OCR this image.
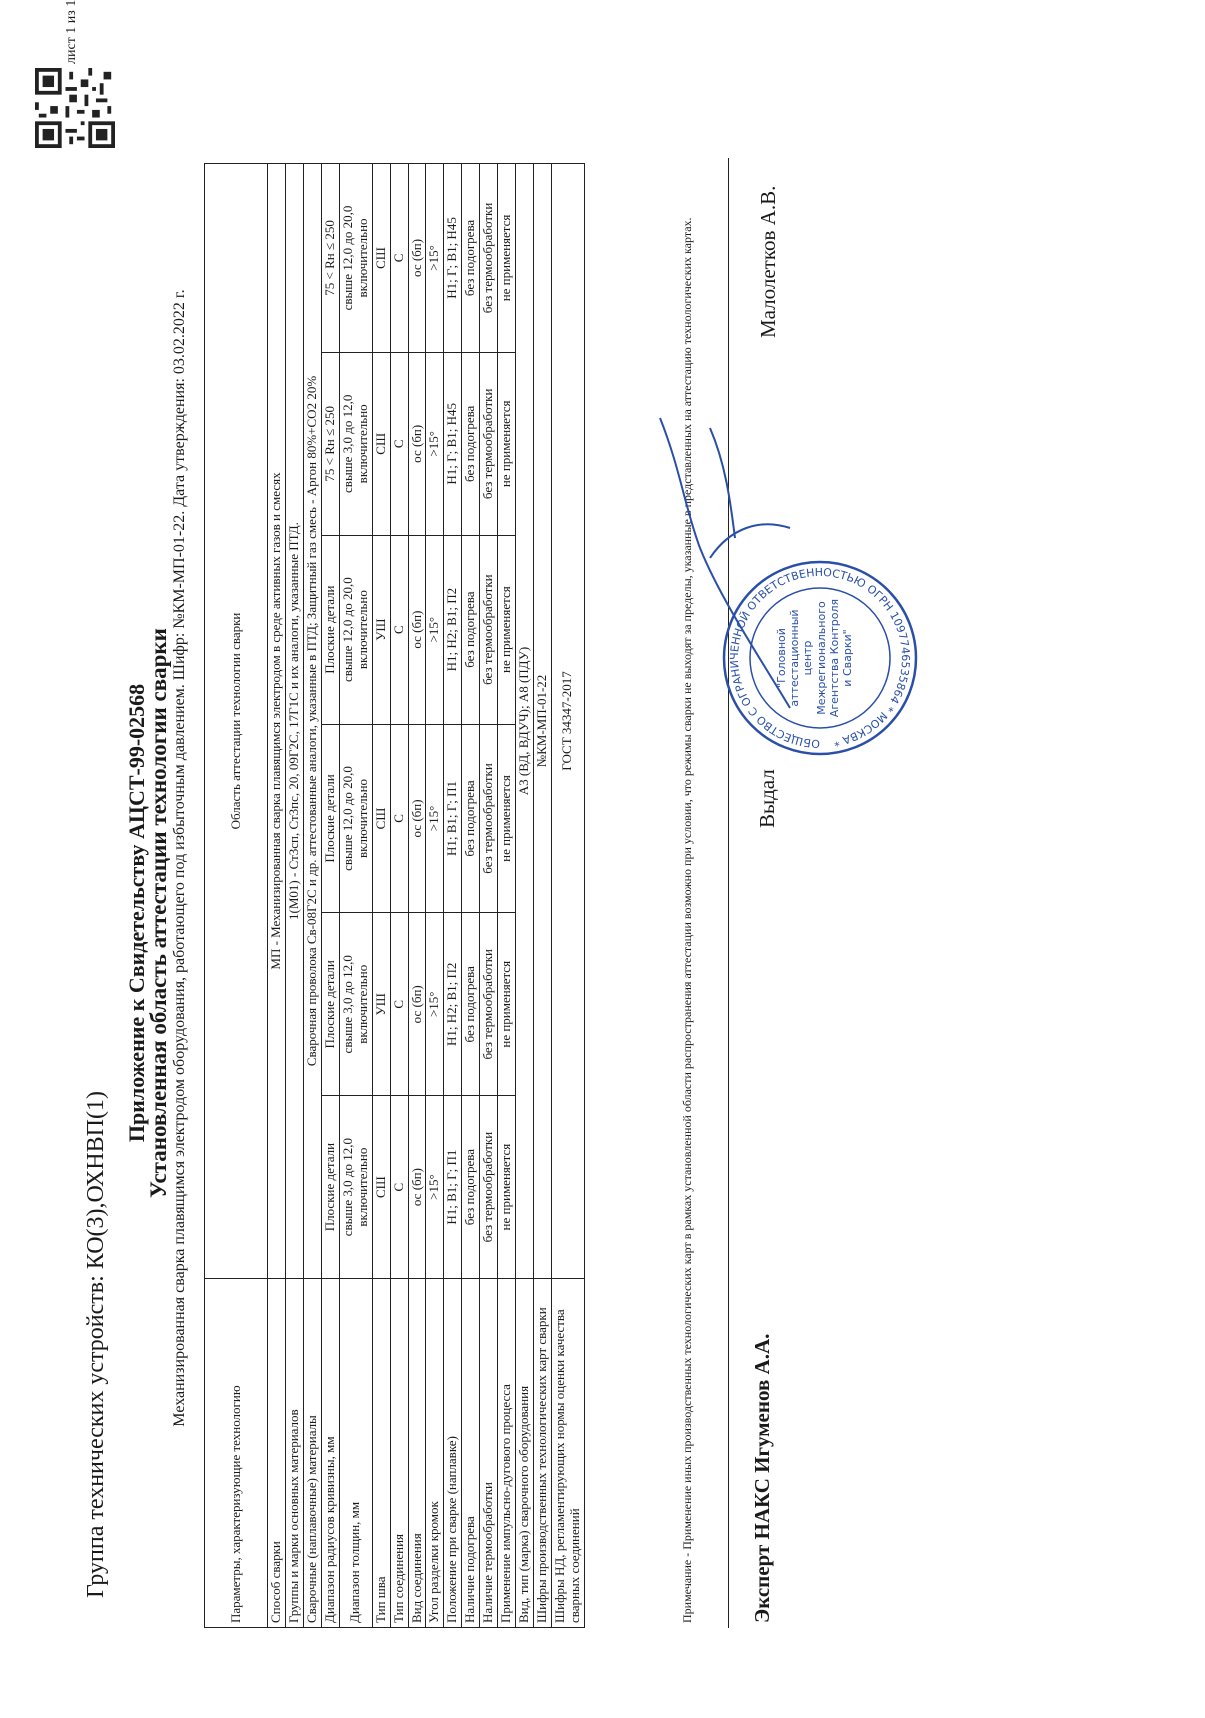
Группа технических устройств: КО(3),ОХНВП(1)
лист 1 из 1
Приложение к Свидетельству АЦСТ-99-02568
Установленная область аттестации технологии сварки Механизированная сварка плавящимся электродом оборудования, работающего под избыточным давлением. Шифр: №КМ-МП-01-22. Дата утверждения: 03.02.2022 г.
Параметры, характеризующие технологию	Область аттестации технологии сварки					
Способ сварки	МП - Механизированная сварка плавящимся электродом в среде активных газов и смесях					
Группы и марки основных материалов	1(М01) - Ст3сп, Ст3пс, 20, 09Г2С, 17Г1С и их аналоги, указанные ПТД.					
Сварочные (наплавочные) материалы	Сварочная проволока Св-08Г2С и др. аттестованные аналоги, указанные в ПТД; Защитный газ смесь - Аргон 80%+CO2 20%					
Диапазон радиусов кривизны, мм	Плоские детали	Плоские детали	Плоские детали	Плоские детали	75 < Rн ≤ 250	75 < Rн ≤ 250
Диапазон толщин, мм	свыше 3,0 до 12,0 включительно	свыше 3,0 до 12,0 включительно	свыше 12,0 до 20,0 включительно	свыше 12,0 до 20,0 включительно	свыше 3,0 до 12,0 включительно	свыше 12,0 до 20,0 включительно
Тип шва	СШ	УШ	СШ	УШ	СШ	СШ
Тип соединения	С	С	С	С	С	С
Вид соединения	ос (бп)	ос (бп)	ос (бп)	ос (бп)	ос (бп)	ос (бп)
Угол разделки кромок	>15°	>15°	>15°	>15°	>15°	>15°
Положение при сварке (наплавке)	Н1; В1; Г; П1	Н1; Н2; В1; П2	Н1; В1; Г; П1	Н1; Н2; В1; П2	Н1; Г; В1; Н45	Н1; Г; В1; Н45
Наличие подогрева	без подогрева	без подогрева	без подогрева	без подогрева	без подогрева	без подогрева
Наличие термообработки	без термообработки	без термообработки	без термообработки	без термообработки	без термообработки	без термообработки
Применение импульсно-дугового процесса	не применяется	не применяется	не применяется	не применяется	не применяется	не применяется
Вид, тип (марка) сварочного оборудования	А3 (ВД, ВДУЧ); А8 (ПДУ)					
Шифры производственных технологических карт сварки	№КМ-МП-01-22					
Шифры НД, регламентирующих нормы оценки качества сварных соединений	ГОСТ 34347-2017						Примечание - Применение иных производственных технологических карт в рамках установленной области распространения аттестации возможно при условии, что режимы сварки не выходят за пределы, указанные в представленных на аттестацию технологических картах.	Эксперт НАКС Игуменов А.А.
Выдал
Малолетков А.В.
ОБЩЕСТВО С ОГРАНИЧЕННОЙ ОТВЕТСТВЕННОСТЬЮ ОГРН 1097746535864 * МОСКВА *
"Головной аттестационный центр Межрегионального Агентства Контроля и Сварки"
